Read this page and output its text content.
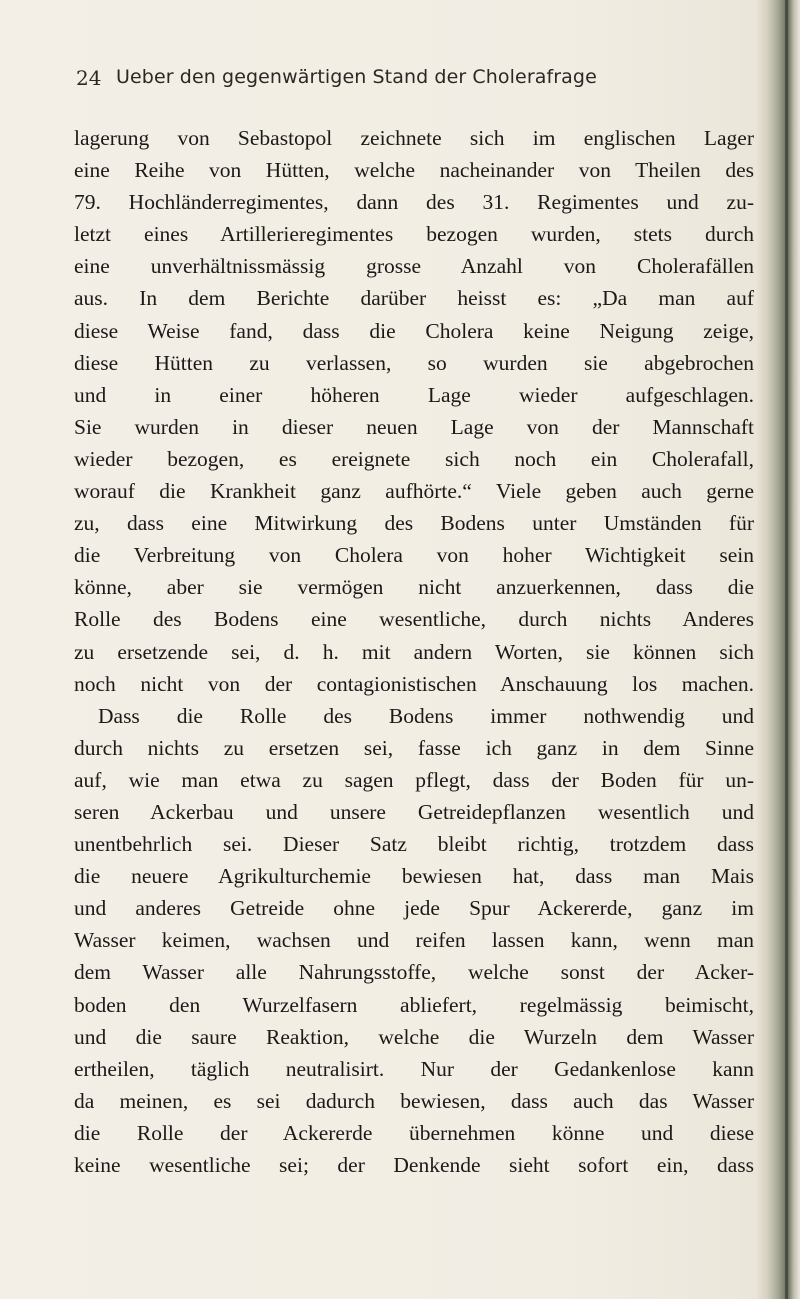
24 Ueber den gegenwärtigen Stand der Cholerafrage
lagerung von Sebastopol zeichnete sich im englischen Lager
eine Reihe von Hütten, welche nacheinander von Theilen des
79. Hochländerregimentes, dann des 31. Regimentes und zu-
letzt eines Artillerieregimentes bezogen wurden, stets durch
eine unverhältnissmässig grosse Anzahl von Cholerafällen
aus. In dem Berichte darüber heisst es: „Da man auf
diese Weise fand, dass die Cholera keine Neigung zeige,
diese Hütten zu verlassen, so wurden sie abgebrochen
und in einer höheren Lage wieder aufgeschlagen.
Sie wurden in dieser neuen Lage von der Mannschaft
wieder bezogen, es ereignete sich noch ein Cholerafall,
worauf die Krankheit ganz aufhörte.“ Viele geben auch gerne
zu, dass eine Mitwirkung des Bodens unter Umständen für
die Verbreitung von Cholera von hoher Wichtigkeit sein
könne, aber sie vermögen nicht anzuerkennen, dass die
Rolle des Bodens eine wesentliche, durch nichts Anderes
zu ersetzende sei, d. h. mit andern Worten, sie können sich
noch nicht von der contagionistischen Anschauung los machen.
Dass die Rolle des Bodens immer nothwendig und
durch nichts zu ersetzen sei, fasse ich ganz in dem Sinne
auf, wie man etwa zu sagen pflegt, dass der Boden für un-
seren Ackerbau und unsere Getreidepflanzen wesentlich und
unentbehrlich sei. Dieser Satz bleibt richtig, trotzdem dass
die neuere Agrikulturchemie bewiesen hat, dass man Mais
und anderes Getreide ohne jede Spur Ackererde, ganz im
Wasser keimen, wachsen und reifen lassen kann, wenn man
dem Wasser alle Nahrungsstoffe, welche sonst der Acker-
boden den Wurzelfasern abliefert, regelmässig beimischt,
und die saure Reaktion, welche die Wurzeln dem Wasser
ertheilen, täglich neutralisirt. Nur der Gedankenlose kann
da meinen, es sei dadurch bewiesen, dass auch das Wasser
die Rolle der Ackererde übernehmen könne und diese
keine wesentliche sei; der Denkende sieht sofort ein, dass
